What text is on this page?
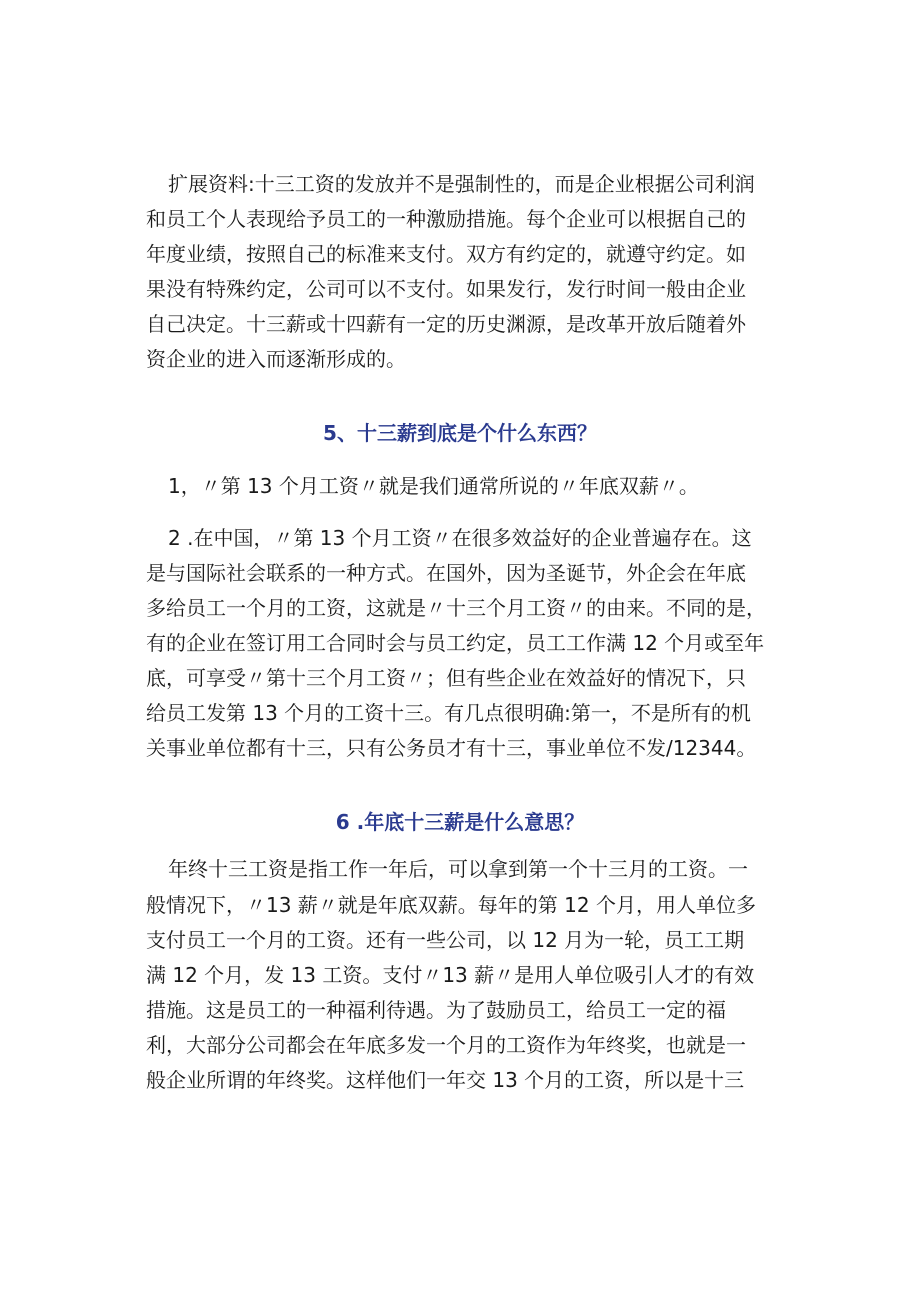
扩展资料:十三工资的发放并不是强制性的，而是企业根据公司利润
和员工个人表现给予员工的一种激励措施。每个企业可以根据自己的
年度业绩，按照自己的标准来支付。双方有约定的，就遵守约定。如
果没有特殊约定，公司可以不支付。如果发行，发行时间一般由企业
自己决定。十三薪或十四薪有一定的历史渊源，是改革开放后随着外
资企业的进入而逐渐形成的。
5、十三薪到底是个什么东西？
1，〃第 13 个月工资〃就是我们通常所说的〃年底双薪〃。
2 .在中国，〃第 13 个月工资〃在很多效益好的企业普遍存在。这
是与国际社会联系的一种方式。在国外，因为圣诞节，外企会在年底
多给员工一个月的工资，这就是〃十三个月工资〃的由来。不同的是，
有的企业在签订用工合同时会与员工约定，员工工作满 12 个月或至年
底，可享受〃第十三个月工资〃；但有些企业在效益好的情况下，只
给员工发第 13 个月的工资十三。有几点很明确:第一，不是所有的机
关事业单位都有十三，只有公务员才有十三，事业单位不发/12344。
6 .年底十三薪是什么意思？
年终十三工资是指工作一年后，可以拿到第一个十三月的工资。一
般情况下，〃13 薪〃就是年底双薪。每年的第 12 个月，用人单位多
支付员工一个月的工资。还有一些公司，以 12 月为一轮，员工工期
满 12 个月，发 13 工资。支付〃13 薪〃是用人单位吸引人才的有效
措施。这是员工的一种福利待遇。为了鼓励员工，给员工一定的福
利，大部分公司都会在年底多发一个月的工资作为年终奖，也就是一
般企业所谓的年终奖。这样他们一年交 13 个月的工资，所以是十三
